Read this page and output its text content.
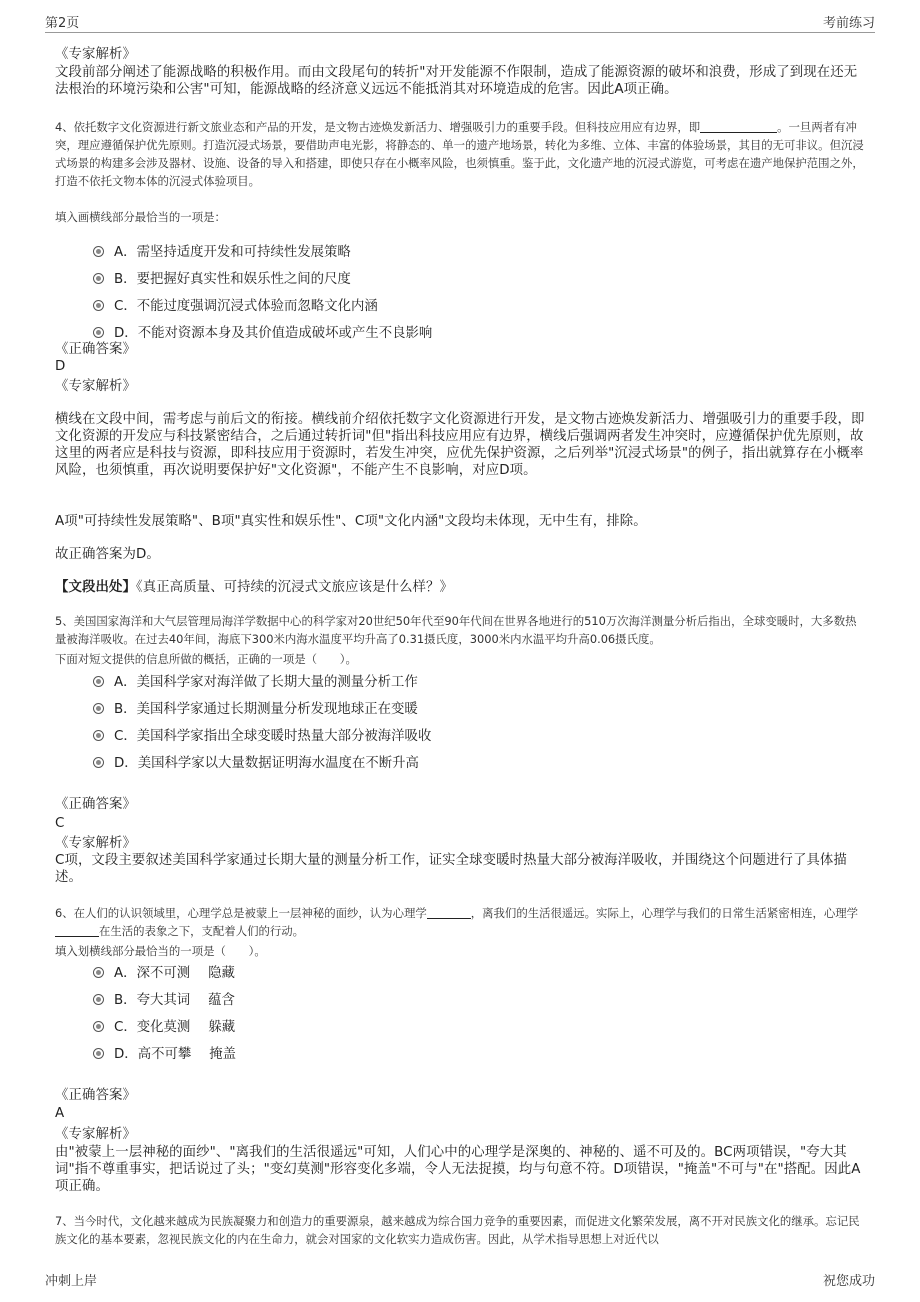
第2页	考前练习
《专家解析》
文段前部分阐述了能源战略的积极作用。而由文段尾句的转折"对开发能源不作限制，造成了能源资源的破坏和浪费，形成了到现在还无法根治的环境污染和公害"可知，能源战略的经济意义远远不能抵消其对环境造成的危害。因此A项正确。
4、依托数字文化资源进行新文旅业态和产品的开发，是文物古迹焕发新活力、增强吸引力的重要手段。但科技应用应有边界，即	。一旦两者有冲突，理应遵循保护优先原则。打造沉浸式场景，要借助声电光影，将静态的、单一的遗产地场景，转化为多维、立体、丰富的体验场景，其目的无可非议。但沉浸式场景的构建多会涉及器材、设施、设备的导入和搭建，即使只存在小概率风险，也须慎重。鉴于此，文化遗产地的沉浸式游览，可考虑在遗产地保护范围之外，打造不依托文物本体的沉浸式体验项目。
填入画横线部分最恰当的一项是：
A．需坚持适度开发和可持续性发展策略
B．要把握好真实性和娱乐性之间的尺度
C．不能过度强调沉浸式体验而忽略文化内涵
D．不能对资源本身及其价值造成破坏或产生不良影响
《正确答案》
D
《专家解析》
横线在文段中间，需考虑与前后文的衔接。横线前介绍依托数字文化资源进行开发，是文物古迹焕发新活力、增强吸引力的重要手段，即文化资源的开发应与科技紧密结合，之后通过转折词"但"指出科技应用应有边界，横线后强调两者发生冲突时，应遵循保护优先原则，故这里的两者应是科技与资源，即科技应用于资源时，若发生冲突，应优先保护资源，之后列举"沉浸式场景"的例子，指出就算存在小概率风险，也须慎重，再次说明要保护好"文化资源"，不能产生不良影响，对应D项。
A项"可持续性发展策略"、B项"真实性和娱乐性"、C项"文化内涵"文段均未体现，无中生有，排除。
故正确答案为D。
【文段出处】《真正高质量、可持续的沉浸式文旅应该是什么样？》
5、美国国家海洋和大气层管理局海洋学数据中心的科学家对20世纪50年代至90年代间在世界各地进行的510万次海洋测量分析后指出，全球变暖时，大多数热量被海洋吸收。在过去40年间，海底下300米内海水温度平均升高了0.31摄氏度，3000米内水温平均升高0.06摄氏度。
下面对短文提供的信息所做的概括，正确的一项是（　　）。
A．美国科学家对海洋做了长期大量的测量分析工作
B．美国科学家通过长期测量分析发现地球正在变暖
C．美国科学家指出全球变暖时热量大部分被海洋吸收
D．美国科学家以大量数据证明海水温度在不断升高
《正确答案》
C
《专家解析》
C项，文段主要叙述美国科学家通过长期大量的测量分析工作，证实全球变暖时热量大部分被海洋吸收，并围绕这个问题进行了具体描述。
6、在人们的认识领域里，心理学总是被蒙上一层神秘的面纱，认为心理学	，离我们的生活很遥远。实际上，心理学与我们的日常生活紧密相连，心理学在生活的表象之下，支配着人们的行动。
填入划横线部分最恰当的一项是（　　）。
A．深不可测 隐藏
B．夸大其词 蕴含
C．变化莫测 躲藏
D．高不可攀 掩盖
《正确答案》
A
《专家解析》
由"被蒙上一层神秘的面纱"、"离我们的生活很遥远"可知，人们心中的心理学是深奥的、神秘的、遥不可及的。BC两项错误，"夸大其词"指不尊重事实，把话说过了头；"变幻莫测"形容变化多端，令人无法捉摸，均与句意不符。D项错误，"掩盖"不可与"在"搭配。因此A项正确。
7、当今时代，文化越来越成为民族凝聚力和创造力的重要源泉，越来越成为综合国力竞争的重要因素，而促进文化繁荣发展，离不开对民族文化的继承。忘记民族文化的基本要素，忽视民族文化的内在生命力，就会对国家的文化软实力造成伤害。因此，从学术指导思想上对近代以
冲刺上岸	祝您成功
